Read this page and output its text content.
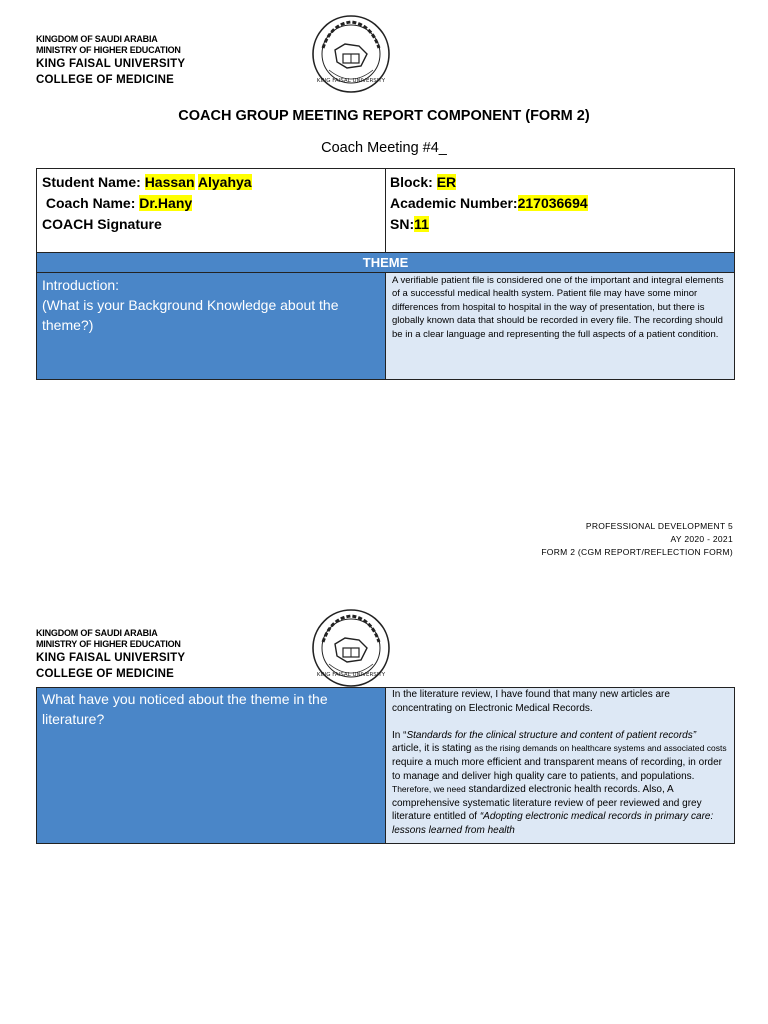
KINGDOM OF SAUDI ARABIA
MINISTRY OF HIGHER EDUCATION
KING FAISAL UNIVERSITY
COLLEGE OF MEDICINE	KING FAISAL UNIVERSITY
COACH GROUP MEETING REPORT COMPONENT (FORM 2)
Coach Meeting #4_
Student Name: Hassan Alyahya
Coach Name: Dr.Hany
COACH Signature
Block: ER
Academic Number:217036694
SN:11
THEME
Introduction:
(What is your Background Knowledge about the theme?)
A verifiable patient file is considered one of the important and integral elements of a successful medical health system. Patient file may have some minor differences from hospital to hospital in the way of presentation, but there is globally known data that should be recorded in every file. The recording should be in a clear language and representing the full aspects of a patient condition.
PROFESSIONAL DEVELOPMENT 5
AY 2020 - 2021
FORM 2 (CGM REPORT/REFLECTION FORM)
KINGDOM OF SAUDI ARABIA
MINISTRY OF HIGHER EDUCATION
KING FAISAL UNIVERSITY
COLLEGE OF MEDICINE	KING FAISAL UNIVERSITY
What have you noticed about the theme in the literature?

In the literature review, I have found that many new articles are concentrating on Electronic Medical Records.

In “Standards for the clinical structure and content of patient records” article, it is stating as the rising demands on healthcare systems and associated costs require a much more efficient and transparent means of recording, in order to manage and deliver high quality care to patients, and populations. Therefore, we need standardized electronic health records. Also, A comprehensive systematic literature review of peer reviewed and grey literature entitled of “Adopting electronic medical records in primary care: lessons learned from health
